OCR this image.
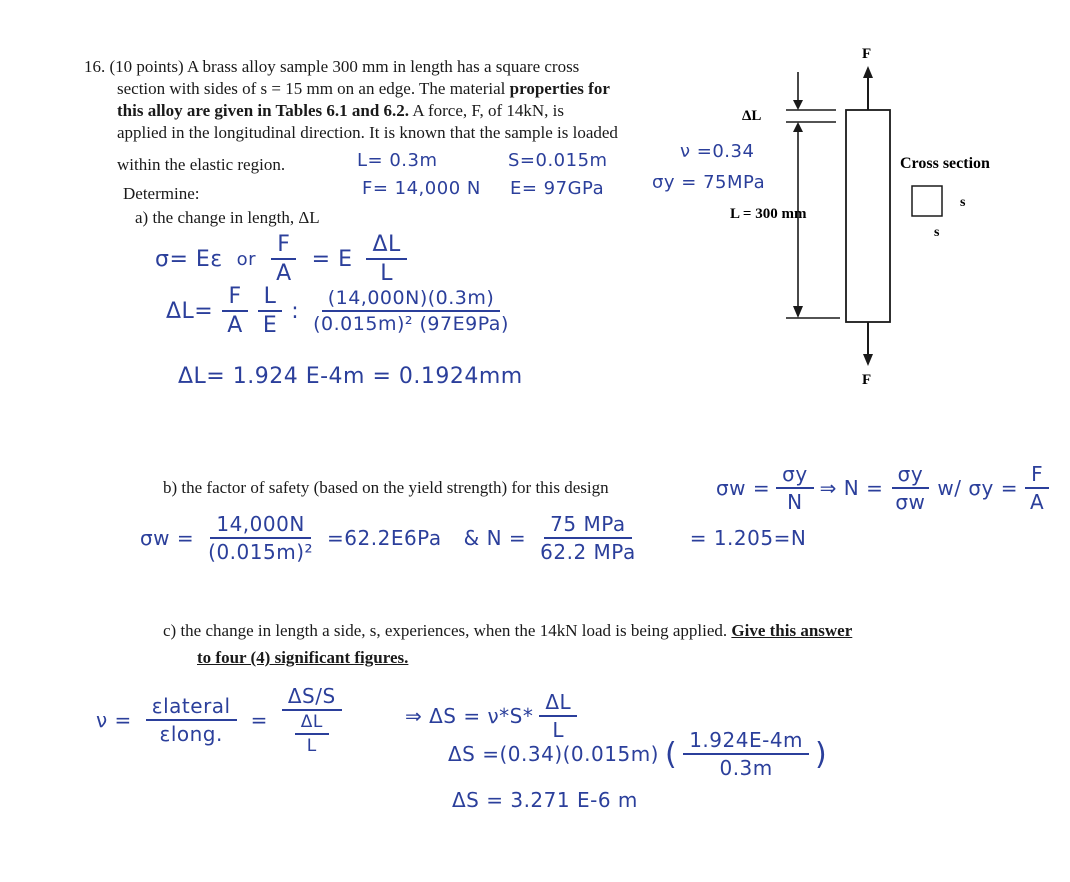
16. (10 points) A brass alloy sample 300 mm in length has a square cross
section with sides of s = 15 mm on an edge. The material properties for
this alloy are given in Tables 6.1 and 6.2. A force, F, of 14kN, is
applied in the longitudinal direction. It is known that the sample is loaded
within the elastic region.
Determine:
a) the change in length, ΔL
L= 0.3m	S=0.015m	ν =0.34
F= 14,000 N E= 97GPa	σy = 75MPa
F
F
ΔL
L = 300 mm
Cross section
s
s
σ= Eε or $\frac{F}{A} = E \frac{\Delta L}{L}$
$\Delta L= \frac{F}{A} \frac{L}{E}$ : $\frac{(14,000N)(0.3m)}{\text{(0.015m)² (97E9Pa)}}$
ΔL= 1.924 E-4m = 0.1924mm
b) the factor of safety (based on the yield strength) for this design	$\sigma w = \frac{\sigma y}{N}$ ⇒ $N = \frac{\sigma y}{\sigma w} w/$ $\sigma y = \frac{F}{A}$
$\sigma w = \frac{14,000N}{\text{(0.015m)²}} =62.2E6Pa$ & $N = \frac{\text{75 MPa}}{\text{62.2 MPa}} = 1.205=N$
c) the change in length a side, s, experiences, when the 14kN load is being applied. Give this answer
to four (4) significant figures.
$\nu = \frac{\text{εlateral}}{\text{εlong.}} = \frac{\Delta S/S}{\frac{\Delta L}{L}}$	⇒ $\Delta S = \nu*S* \frac{\Delta L}{L}$
ΔS =(0.34)(0.015m) ( $\frac{1.924E-4m}{0.3m}$ )
ΔS = 3.271 E-6 m
